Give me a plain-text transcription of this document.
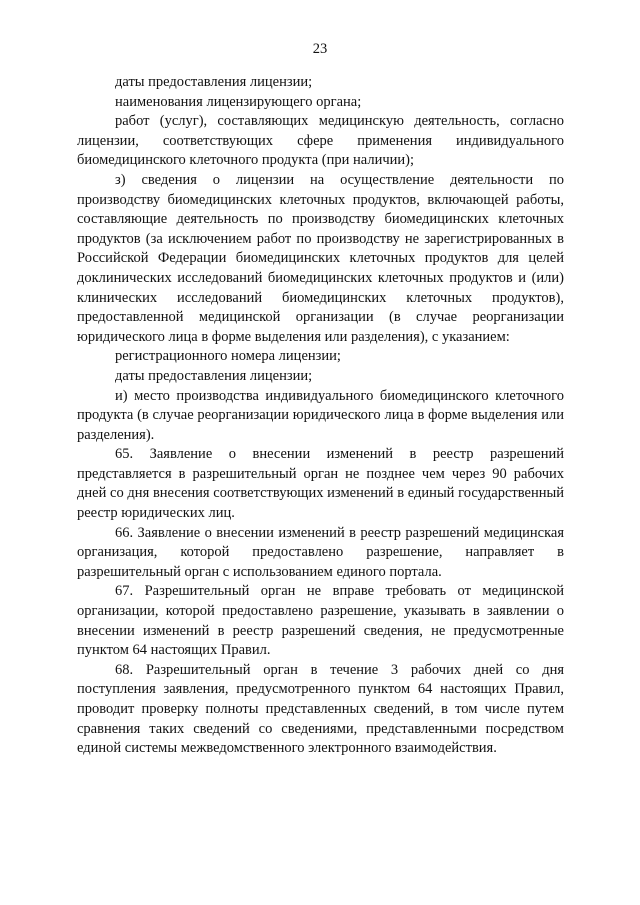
23

даты предоставления лицензии;

наименования лицензирующего органа;

работ (услуг), составляющих медицинскую деятельность, согласно лицензии, соответствующих сфере применения индивидуального биомедицинского клеточного продукта (при наличии);

з) сведения о лицензии на осуществление деятельности по производству биомедицинских клеточных продуктов, включающей работы, составляющие деятельность по производству биомедицинских клеточных продуктов (за исключением работ по производству не зарегистрированных в Российской Федерации биомедицинских клеточных продуктов для целей доклинических исследований биомедицинских клеточных продуктов и (или) клинических исследований биомедицинских клеточных продуктов), предоставленной медицинской организации (в случае реорганизации юридического лица в форме выделения или разделения), с указанием:

регистрационного номера лицензии;

даты предоставления лицензии;

и) место производства индивидуального биомедицинского клеточного продукта (в случае реорганизации юридического лица в форме выделения или разделения).

65. Заявление о внесении изменений в реестр разрешений представляется в разрешительный орган не позднее чем через 90 рабочих дней со дня внесения соответствующих изменений в единый государственный реестр юридических лиц.

66. Заявление о внесении изменений в реестр разрешений медицинская организация, которой предоставлено разрешение, направляет в разрешительный орган с использованием единого портала.

67. Разрешительный орган не вправе требовать от медицинской организации, которой предоставлено разрешение, указывать в заявлении о внесении изменений в реестр разрешений сведения, не предусмотренные пунктом 64 настоящих Правил.

68. Разрешительный орган в течение 3 рабочих дней со дня поступления заявления, предусмотренного пунктом 64 настоящих Правил, проводит проверку полноты представленных сведений, в том числе путем сравнения таких сведений со сведениями, представленными посредством единой системы межведомственного электронного взаимодействия.
